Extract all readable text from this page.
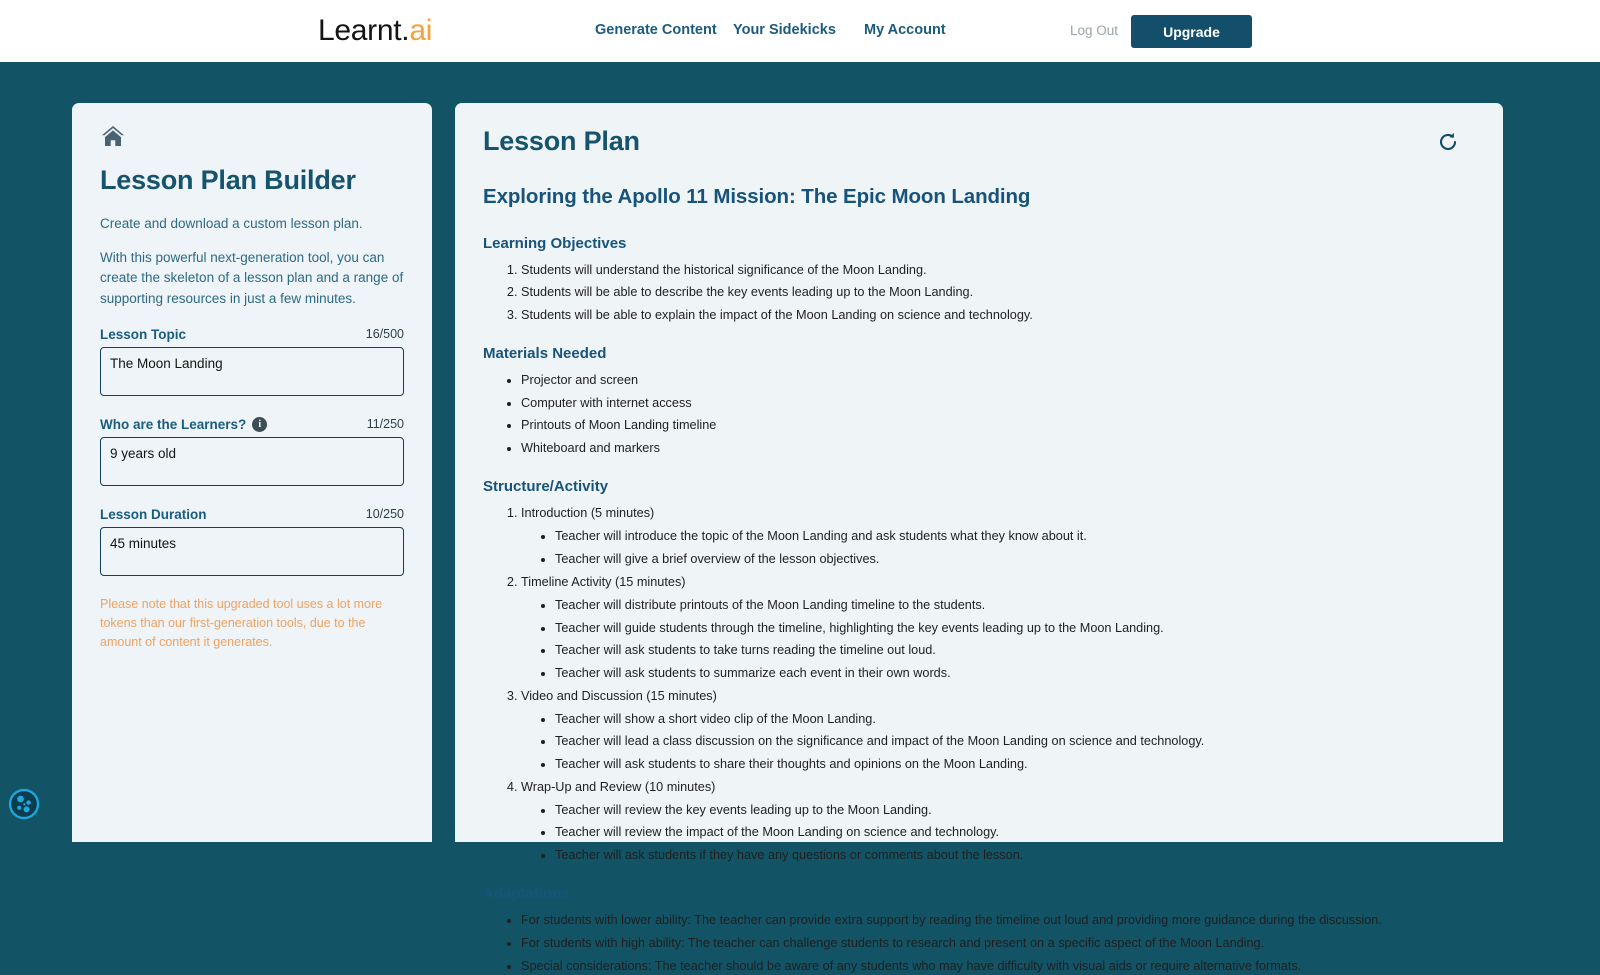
Learnt.ai	Generate Content	Your Sidekicks	My Account	Log Out	Upgrade
Lesson Plan Builder
Create and download a custom lesson plan.
With this powerful next-generation tool, you can create the skeleton of a lesson plan and a range of supporting resources in just a few minutes.
Lesson Topic	16/500
The Moon Landing
Who are the Learners?	i	11/250
9 years old
Lesson Duration	10/250
45 minutes
Please note that this upgraded tool uses a lot more tokens than our first-generation tools, due to the amount of content it generates.
Lesson Plan
Exploring the Apollo 11 Mission: The Epic Moon Landing
Learning Objectives
1. Students will understand the historical significance of the Moon Landing.
2. Students will be able to describe the key events leading up to the Moon Landing.
3. Students will be able to explain the impact of the Moon Landing on science and technology.
Materials Needed
• Projector and screen
• Computer with internet access
• Printouts of Moon Landing timeline
• Whiteboard and markers
Structure/Activity
1. Introduction (5 minutes)
• Teacher will introduce the topic of the Moon Landing and ask students what they know about it.
• Teacher will give a brief overview of the lesson objectives.
2. Timeline Activity (15 minutes)
• Teacher will distribute printouts of the Moon Landing timeline to the students.
• Teacher will guide students through the timeline, highlighting the key events leading up to the Moon Landing.
• Teacher will ask students to take turns reading the timeline out loud.
• Teacher will ask students to summarize each event in their own words.
3. Video and Discussion (15 minutes)
• Teacher will show a short video clip of the Moon Landing.
• Teacher will lead a class discussion on the significance and impact of the Moon Landing on science and technology.
• Teacher will ask students to share their thoughts and opinions on the Moon Landing.
4. Wrap-Up and Review (10 minutes)
• Teacher will review the key events leading up to the Moon Landing.
• Teacher will review the impact of the Moon Landing on science and technology.
• Teacher will ask students if they have any questions or comments about the lesson.
Adaptations
• For students with lower ability: The teacher can provide extra support by reading the timeline out loud and providing more guidance during the discussion.
• For students with high ability: The teacher can challenge students to research and present on a specific aspect of the Moon Landing.
• Special considerations: The teacher should be aware of any students who may have difficulty with visual aids or require alternative formats.
